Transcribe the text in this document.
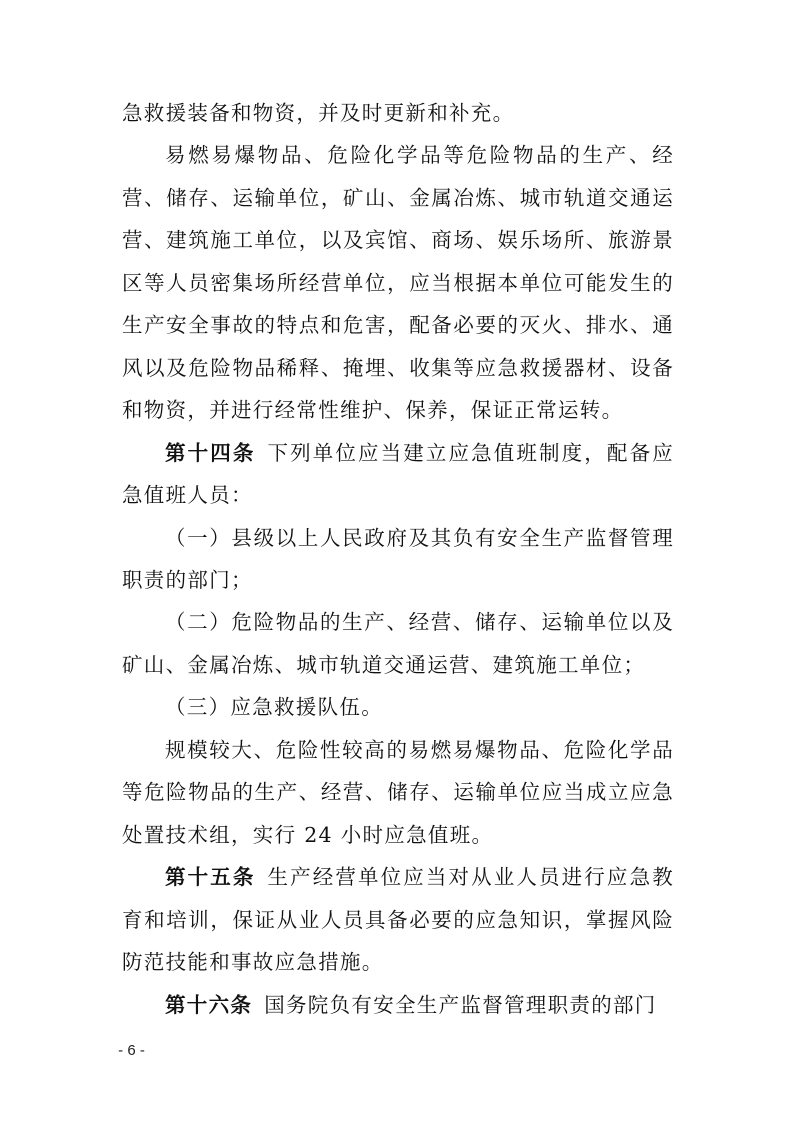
急救援装备和物资，并及时更新和补充。

易燃易爆物品、危险化学品等危险物品的生产、经营、储存、运输单位，矿山、金属冶炼、城市轨道交通运营、建筑施工单位，以及宾馆、商场、娱乐场所、旅游景区等人员密集场所经营单位，应当根据本单位可能发生的生产安全事故的特点和危害，配备必要的灭火、排水、通风以及危险物品稀释、掩埋、收集等应急救援器材、设备和物资，并进行经常性维护、保养，保证正常运转。

第十四条 下列单位应当建立应急值班制度，配备应急值班人员：

（一）县级以上人民政府及其负有安全生产监督管理职责的部门；

（二）危险物品的生产、经营、储存、运输单位以及矿山、金属冶炼、城市轨道交通运营、建筑施工单位；

（三）应急救援队伍。

规模较大、危险性较高的易燃易爆物品、危险化学品等危险物品的生产、经营、储存、运输单位应当成立应急处置技术组，实行 24 小时应急值班。

第十五条 生产经营单位应当对从业人员进行应急教育和培训，保证从业人员具备必要的应急知识，掌握风险防范技能和事故应急措施。

第十六条 国务院负有安全生产监督管理职责的部门

- 6 -
